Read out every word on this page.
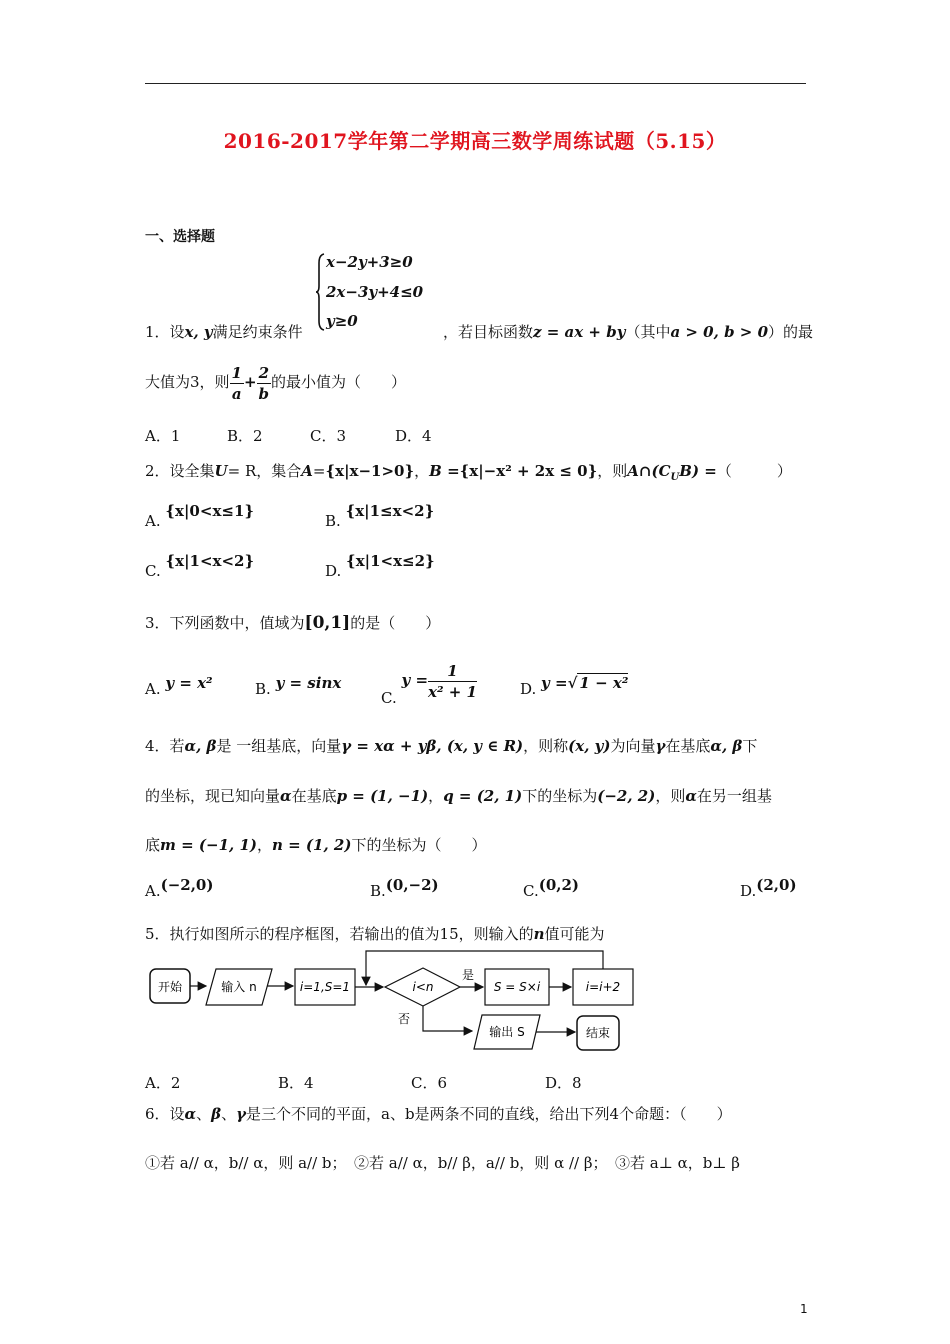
2016-2017学年第二学期高三数学周练试题（5.15）
一、选择题
x−2y+3≥0
2x−3y+4≤0
y≥0
1．设x, y满足约束条件	，若目标函数z = ax + by（其中a > 0, b > 0）的最
大值为3，则 $\frac{1}{a} + \frac{2}{b}$ 的最小值为（　　）
A．1	B．2	C．3	D．4
2．设全集U= R，集合A={x|x−1>0}，B ={x|−x² + 2x ≤ 0}，则$A\cap(C_UB)$ =（　　　）
A. {x|0<x≤1}
B. {x|1≤x<2}
C. {x|1<x<2}
D. {x|1<x≤2}
3．下列函数中，值域为[0,1]的是（　　）
A. y = x²	B. y = sinx
C. $y = \frac{1}{\text{x² + 1}}$	D. y =√ 1 − x²
4．若α, β是 一组基底，向量γ = xα + yβ, (x, y ∈ R)，则称(x, y)为向量γ在基底α, β下
的坐标，现已知向量α在基底p = (1, −1)，q = (2, 1)下的坐标为(−2, 2)，则α在另一组基
底m = (−1, 1)，n = (1, 2)下的坐标为（　　）
A.(−2,0)	B.(0,−2)	C.(0,2)	D.(2,0)
5．执行如图所示的程序框图，若输出的值为15，则输入的n值可能为
开始	输入 n	i=1,S=1	i<n
是
S = S×i	i=i+2
否
输出 S	结束
A．2	B．4	C．6	D．8
6．设α、β、γ是三个不同的平面，a、b是两条不同的直线，给出下列4个命题：（　　）
①若 a// α，b// α，则 a// b；　②若 a// α，b// β，a// b，则 α // β；　③若 a⊥ α，b⊥ β
1
